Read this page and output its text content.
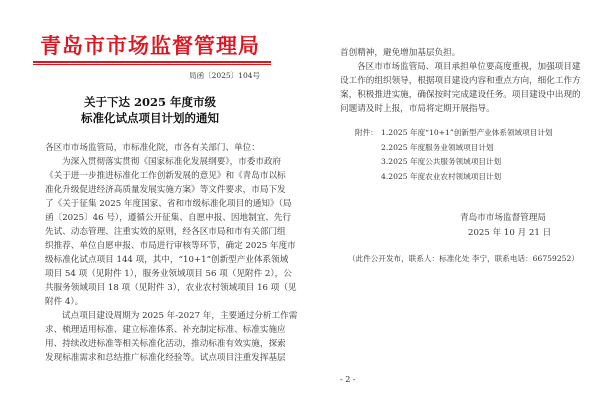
青岛市市场监督管理局
局函〔2025〕104号
关于下达 2025 年度市级
标准化试点项目计划的通知
各区市市场监管局，市标准化院，市各有关部门、单位：
为深入贯彻落实贯彻《国家标准化发展纲要》，市委市政府
《关于进一步推进标准化工作创新发展的意见》和《青岛市以标
准化升级促进经济高质量发展实施方案》等文件要求，市局下发
了《关于征集 2025 年度国家、省和市级标准化项目的通知》（局
函〔2025〕46 号），遵循公开征集、自愿申报、因地制宜、先行
先试、动态管理、注重实效的原则，经各区市局和市有关部门组
织推荐、单位自愿申报、市局进行审核等环节，确定 2025 年度市
级标准化试点项目 144 项，其中，“10+1”创新型产业体系领域
项目 54 项（见附件 1），服务业领域项目 56 项（见附件 2），公
共服务领域项目 18 项（见附件 3），农业农村领域项目 16 项（见
附件 4）。
试点项目建设周期为 2025 年-2027 年，主要通过分析工作需
求、梳理适用标准、建立标准体系、补充制定标准、标准实施应
用、持续改进标准等相关标准化活动，推动标准有效实施，探索
发现标准需求和总结推广标准化经验等。试点项目注重发挥基层
首创精神，避免增加基层负担。
各区市市场监管局、项目承担单位要高度重视，加强项目建
设工作的组织领导，根据项目建设内容和重点方向，细化工作方
案，积极推进实施，确保按时完成建设任务。项目建设中出现的
问题请及时上报，市局将定期开展指导。
附件： 1.2025 年度“10+1”创新型产业体系领域项目计划
2.2025 年度服务业领域项目计划
3.2025 年度公共服务领域项目计划
4.2025 年度农业农村领域项目计划
青岛市市场监督管理局
2025 年 10 月 21 日
（此件公开发布，联系人：标准化处 李宁，联系电话：66759252）
- 2 -
